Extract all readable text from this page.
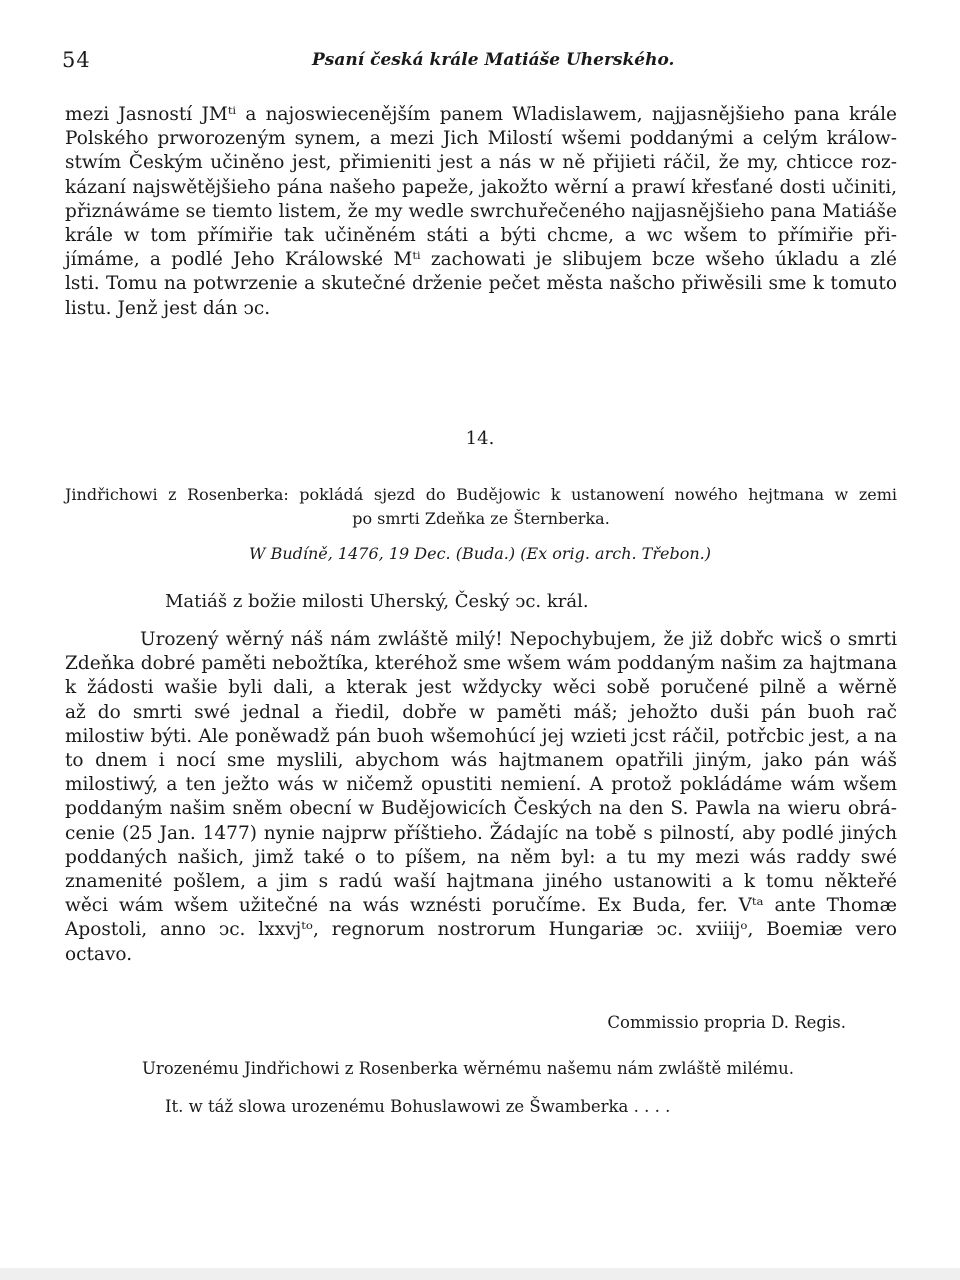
54	Psaní česká krále Matiáše Uherského.
mezi Jasností JMᵗⁱ a najoswiecenějším panem Wladislawem, najjasnějšieho pana krále
Polského prworozeným synem, a mezi Jich Milostí wšemi poddanými a celým králow-
stwím Českým učiněno jest, přimieniti jest a nás w ně přijieti ráčil, že my, chticce roz-
kázaní najswětějšieho pána našeho papeže, jakožto wěrní a prawí křesťané dosti učiniti,
přiznáwáme se tiemto listem, že my wedle swrchuřečeného najjasnějšieho pana Matiáše
krále w tom přímiřie tak učiněném státi a býti chcme, a wc wšem to přímiřie při-
jímáme, a podlé Jeho Králowské Mᵗⁱ zachowati je slibujem bcze wšeho úkladu a zlé
lsti. Tomu na potwrzenie a skutečné drženie pečet města našcho přiwěsili sme k tomuto
listu. Jenž jest dán ↄc.
14.
Jindřichowi z Rosenberka: pokládá sjezd do Budějowic k ustanowení nowého hejtmana w zemi
po smrti Zdeňka ze Šternberka.
W Budíně, 1476, 19 Dec. (Buda.) (Ex orig. arch. Třebon.)
Matiáš z božie milosti Uherský, Český ↄc. král.
Urozený wěrný náš nám zwláště milý! Nepochybujem, že již dobřc wicš o smrti
Zdeňka dobré paměti nebožtíka, kteréhož sme wšem wám poddaným našim za hajtmana
k žádosti wašie byli dali, a kterak jest wždycky wěci sobě poručené pilně a wěrně
až do smrti swé jednal a řiedil, dobře w paměti máš; jehožto duši pán buoh rač
milostiw býti. Ale poněwadž pán buoh wšemohúcí jej wzieti jcst ráčil, potřcbic jest, a na
to dnem i nocí sme myslili, abychom wás hajtmanem opatřili jiným, jako pán wáš
milostiwý, a ten ježto wás w ničemž opustiti nemiení. A protož pokládáme wám wšem
poddaným našim sněm obecní w Budějowicích Českých na den S. Pawla na wieru obrá-
cenie (25 Jan. 1477) nynie najprw příštieho. Žádajíc na tobě s pilností, aby podlé jiných
poddaných našich, jimž také o to píšem, na něm byl: a tu my mezi wás raddy swé
znamenité pošlem, a jim s radú waší hajtmana jiného ustanowiti a k tomu někteřé
wěci wám wšem užitečné na wás wznésti poručíme. Ex Buda, fer. Vᵗᵃ ante Thomæ
Apostoli, anno ↄc. lxxvjᵗᵒ, regnorum nostrorum Hungariæ ↄc. xviiijᵒ, Boemiæ vero octavo.
Commissio propria D. Regis.
Urozenému Jindřichowi z Rosenberka wěrnému našemu nám zwláště milému.
It. w táž slowa urozenému Bohuslawowi ze Šwamberka . . . .
